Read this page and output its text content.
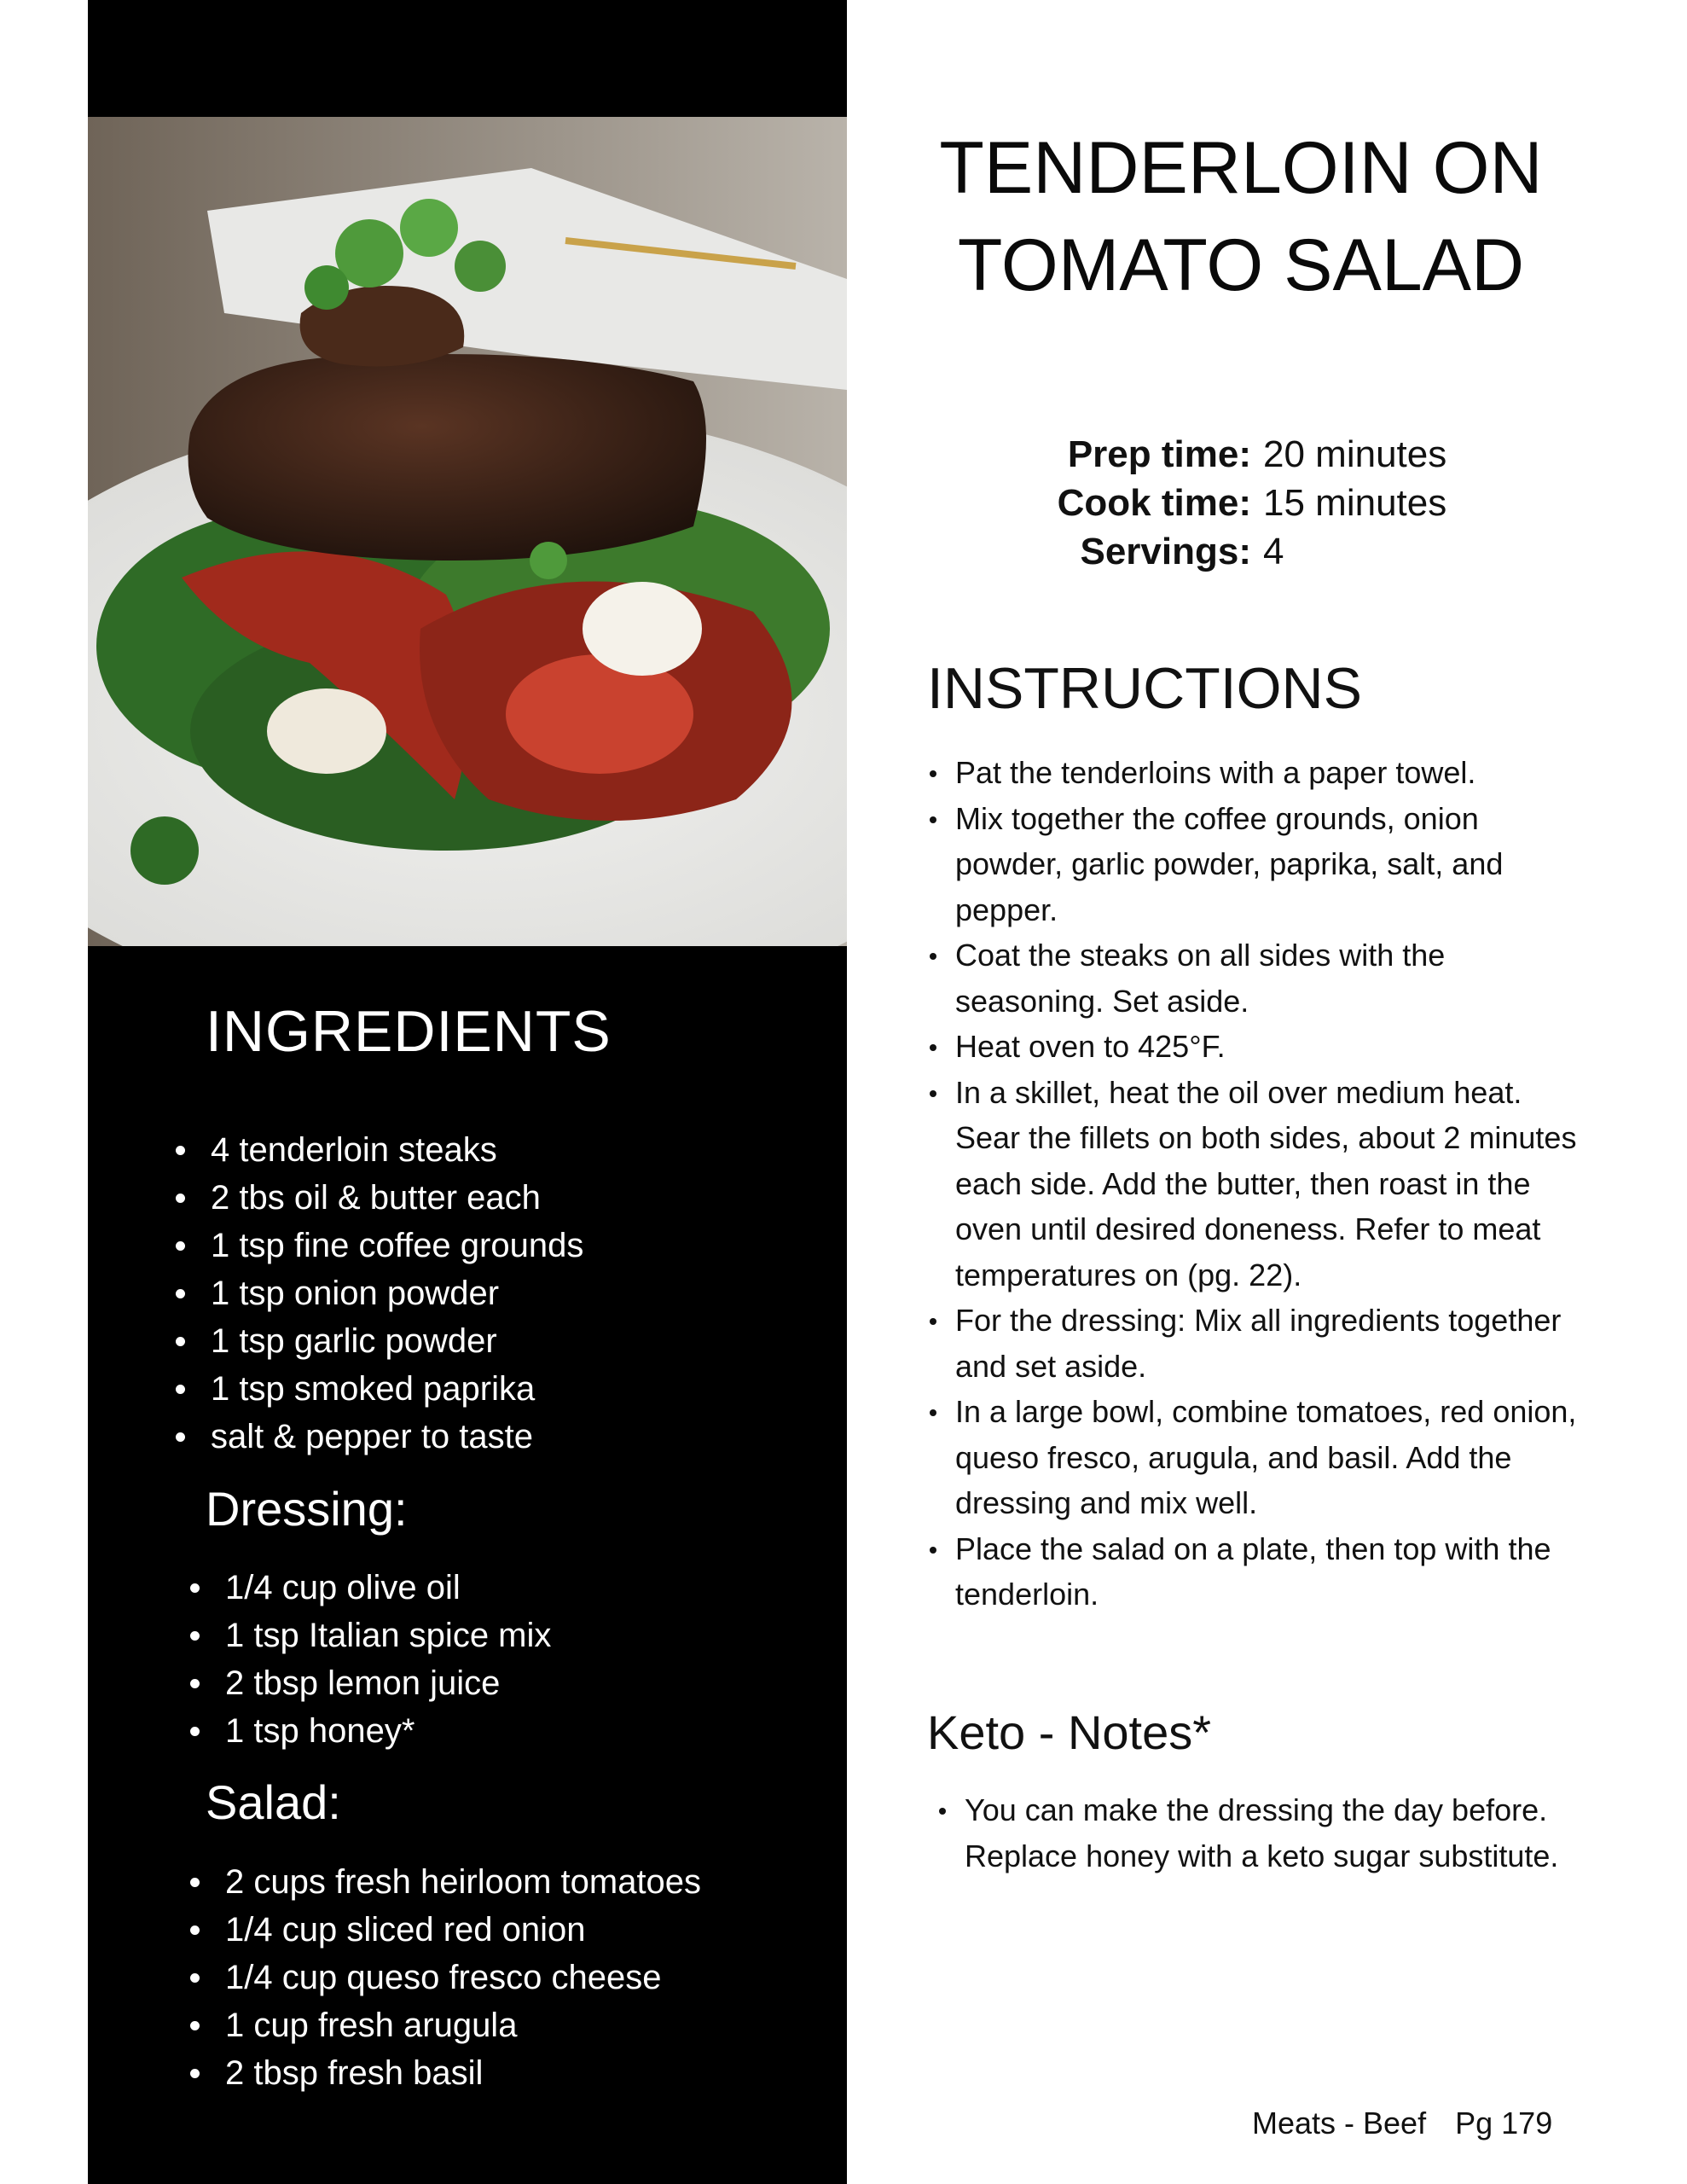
INGREDIENTS
4 tenderloin steaks
2 tbs oil & butter each
1 tsp fine coffee grounds
1 tsp onion powder
1 tsp garlic powder
1 tsp smoked paprika
salt & pepper to taste
Dressing:
1/4 cup olive oil
1 tsp Italian spice mix
2 tbsp lemon juice
1 tsp honey*
Salad:
2 cups fresh heirloom tomatoes
1/4 cup sliced red onion
1/4 cup queso fresco cheese
1 cup fresh arugula
2 tbsp fresh basil
TENDERLOIN ON
TOMATO SALAD
Prep time: 20 minutes
Cook time: 15 minutes
Servings: 4
INSTRUCTIONS
Pat the tenderloins with a paper towel.
Mix together the coffee grounds, onion powder, garlic powder, paprika, salt, and pepper.
Coat the steaks on all sides with the seasoning. Set aside.
Heat oven to 425°F.
In a skillet, heat the oil over medium heat. Sear the fillets on both sides, about 2 minutes each side. Add the butter, then roast in the oven until desired doneness. Refer to meat temperatures on (pg. 22).
For the dressing: Mix all ingredients together and set aside.
In a large bowl, combine tomatoes, red onion, queso fresco, arugula, and basil. Add the dressing and mix well.
Place the salad on a plate, then top with the tenderloin.
Keto - Notes*
You can make the dressing the day before. Replace honey with a keto sugar substitute.
Meats - Beef Pg 179
